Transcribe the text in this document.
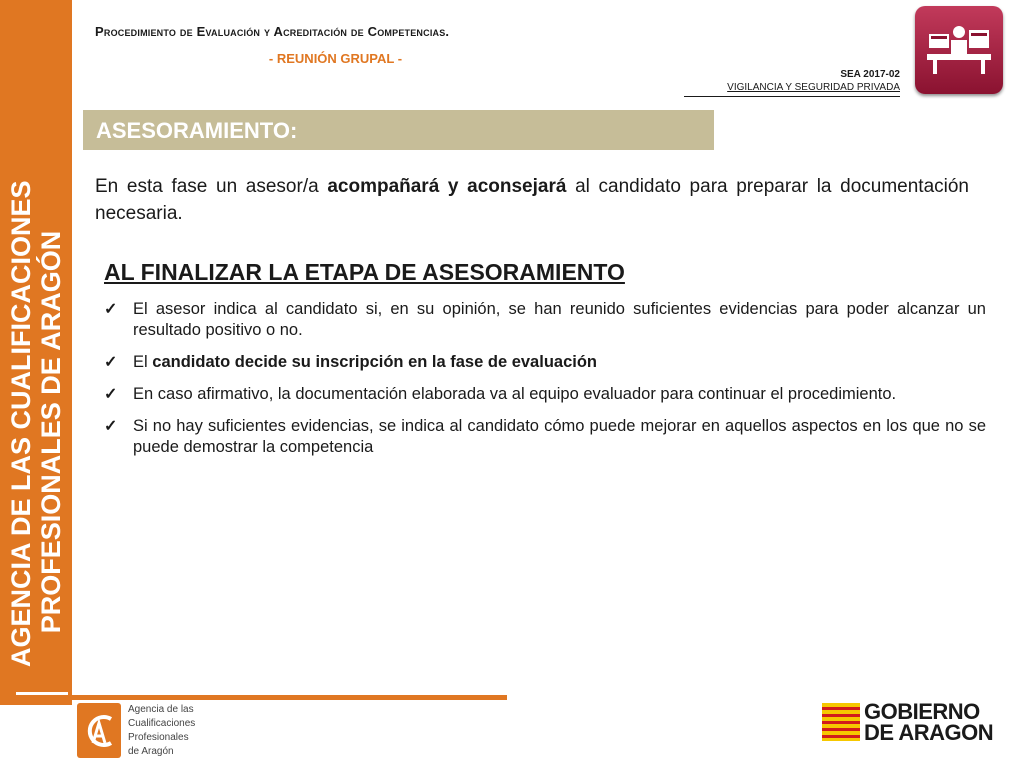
AGENCIA DE LAS CUALIFICACIONES PROFESIONALES DE ARAGÓN
Procedimiento de Evaluación y Acreditación de Competencias.
- REUNIÓN GRUPAL -
SEA 2017-02
VIGILANCIA Y SEGURIDAD PRIVADA
ASESORAMIENTO:
En esta fase un asesor/a acompañará y aconsejará al candidato para preparar la documentación necesaria.
AL FINALIZAR LA ETAPA DE ASESORAMIENTO
✓ El asesor indica al candidato si, en su opinión, se han reunido suficientes evidencias para poder alcanzar un resultado positivo o no.
✓ El candidato decide su inscripción en la fase de evaluación
✓ En caso afirmativo, la documentación elaborada va al equipo evaluador para continuar el procedimiento.
✓ Si no hay suficientes evidencias, se indica al candidato cómo puede mejorar en aquellos aspectos en los que no se puede demostrar la competencia
Agencia de las
Cualificaciones
Profesionales
de Aragón
GOBIERNO
DE ARAGON
